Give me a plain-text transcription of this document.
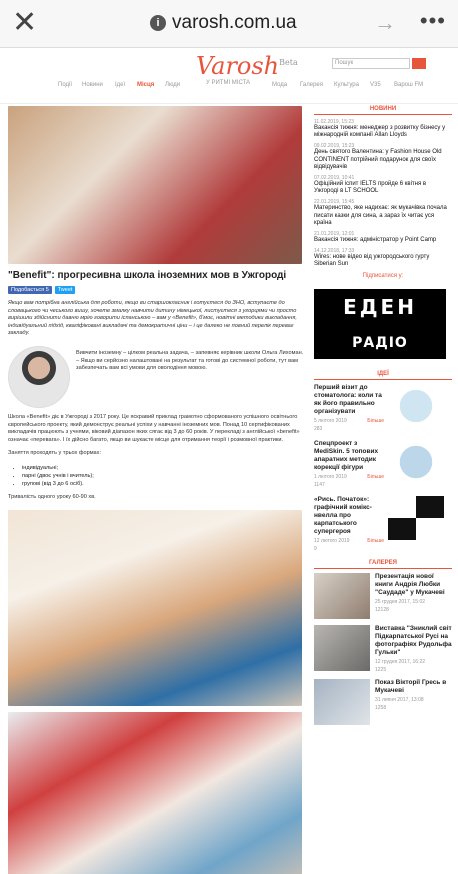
✕	i varosh.com.ua	→ •••
Varosh$^{Beta}$
У РИТМІ МІСТА
Пошук
Події Новини Ідеї Місця Люди	Мода Галерея Культура V35 Варош FM
"Benefit": прогресивна школа іноземних мов в Ужгороді
Подобається 5	Tweet

Якщо вам потрібна англійська для роботи, якщо ви старшокласник і готуєтеся до ЗНО, вступаєте до словацького чи чеського вишу, хочете змалку навчити дитину німецької, листуєтеся з угорцями чи просто вирішили здійснити давню мрію говорити іспанською – вам у «Benefit», б'моє, новітні методики викладання, індивідуальний підхід, кваліфіковані викладачі та демократичні ціни – і це далеко не повний перелік переваг закладу.

Вивчити іноземну – цілком реальна задача, – запевняє керівник школи Ольга Лихоман. – Якщо ви серйозно налаштовані на результат та готові до системної роботи, тут вам забезпечать вам всі умови для оволодіння мовою.

Школа «Benefit» діє в Ужгороді з 2017 року. Це яскравий приклад грамотно сформованого успішного освітнього європейського проекту, який демонструє реальні успіхи у навчанні іноземних мов. Понад 10 сертифікованих викладачів працюють з учнями, віковий діапазон яких сягає від 3 до 60 років. У перекладі з англійської «benefit» означає «перевага». І їх дійсно багато, якщо ви шукаєте місце для отримання теорії і розмовної практики.

Заняття проходять у трьох формах:

• індивідуальні;
• парні (двоє учнів і вчитель);
• групові (від 3 до 6 осіб).

Тривалість одного уроку 60-90 хв.

НОВИНИ
11.02.2019, 15:23
Вакансія тижня: менеджер з розвитку бізнесу у міжнародній компанії Allan Lloyds
09.02.2019, 15:23
День святого Валентина: у Fashion House Old CONTINENT потрійний подарунок для своїх відвідувачів
07.02.2019, 10:41
Офіційний іспит IELTS пройде 6 квітня в Ужгороді в LT SCHOOL
22.01.2019, 15:45
Материнство, яке надихає: як мукачівка почала писати казки для сина, а зараз їх читає уся країна
21.01.2019, 12:01
Вакансія тижня: адміністратор у Point Camp
14.12.2018, 17:33
Wires: нове відео від ужгородського гурту Siberian Sun
Підписатися у:
ЕДЕН
РАДІО
ІДЕЇ
Перший візит до стоматолога: коли та як його правильно організувати
5 лютого 2019	Більше
283
Спецпроект з MediSkin. 5 топових апаратних методик корекції фігури
1 лютого 2019	Більше
1147
«Рись. Початок»: графічний комікс-нвелла про карпатського супергероя
12 лютого 2019	Більше
9
ГАЛЕРЕЯ
Презентація нової книги Андрія Любки "Саудаде" у Мукачеві
25 грудня 2017, 15:02
12128
Виставка "Зниклий світ Підкарпатської Русі на фотографіях Рудольфа Гульки"
12 грудня 2017, 16:22
1225
Показ Вікторії Гресь в Мукачеві
31 липня 2017, 13:08
1258
